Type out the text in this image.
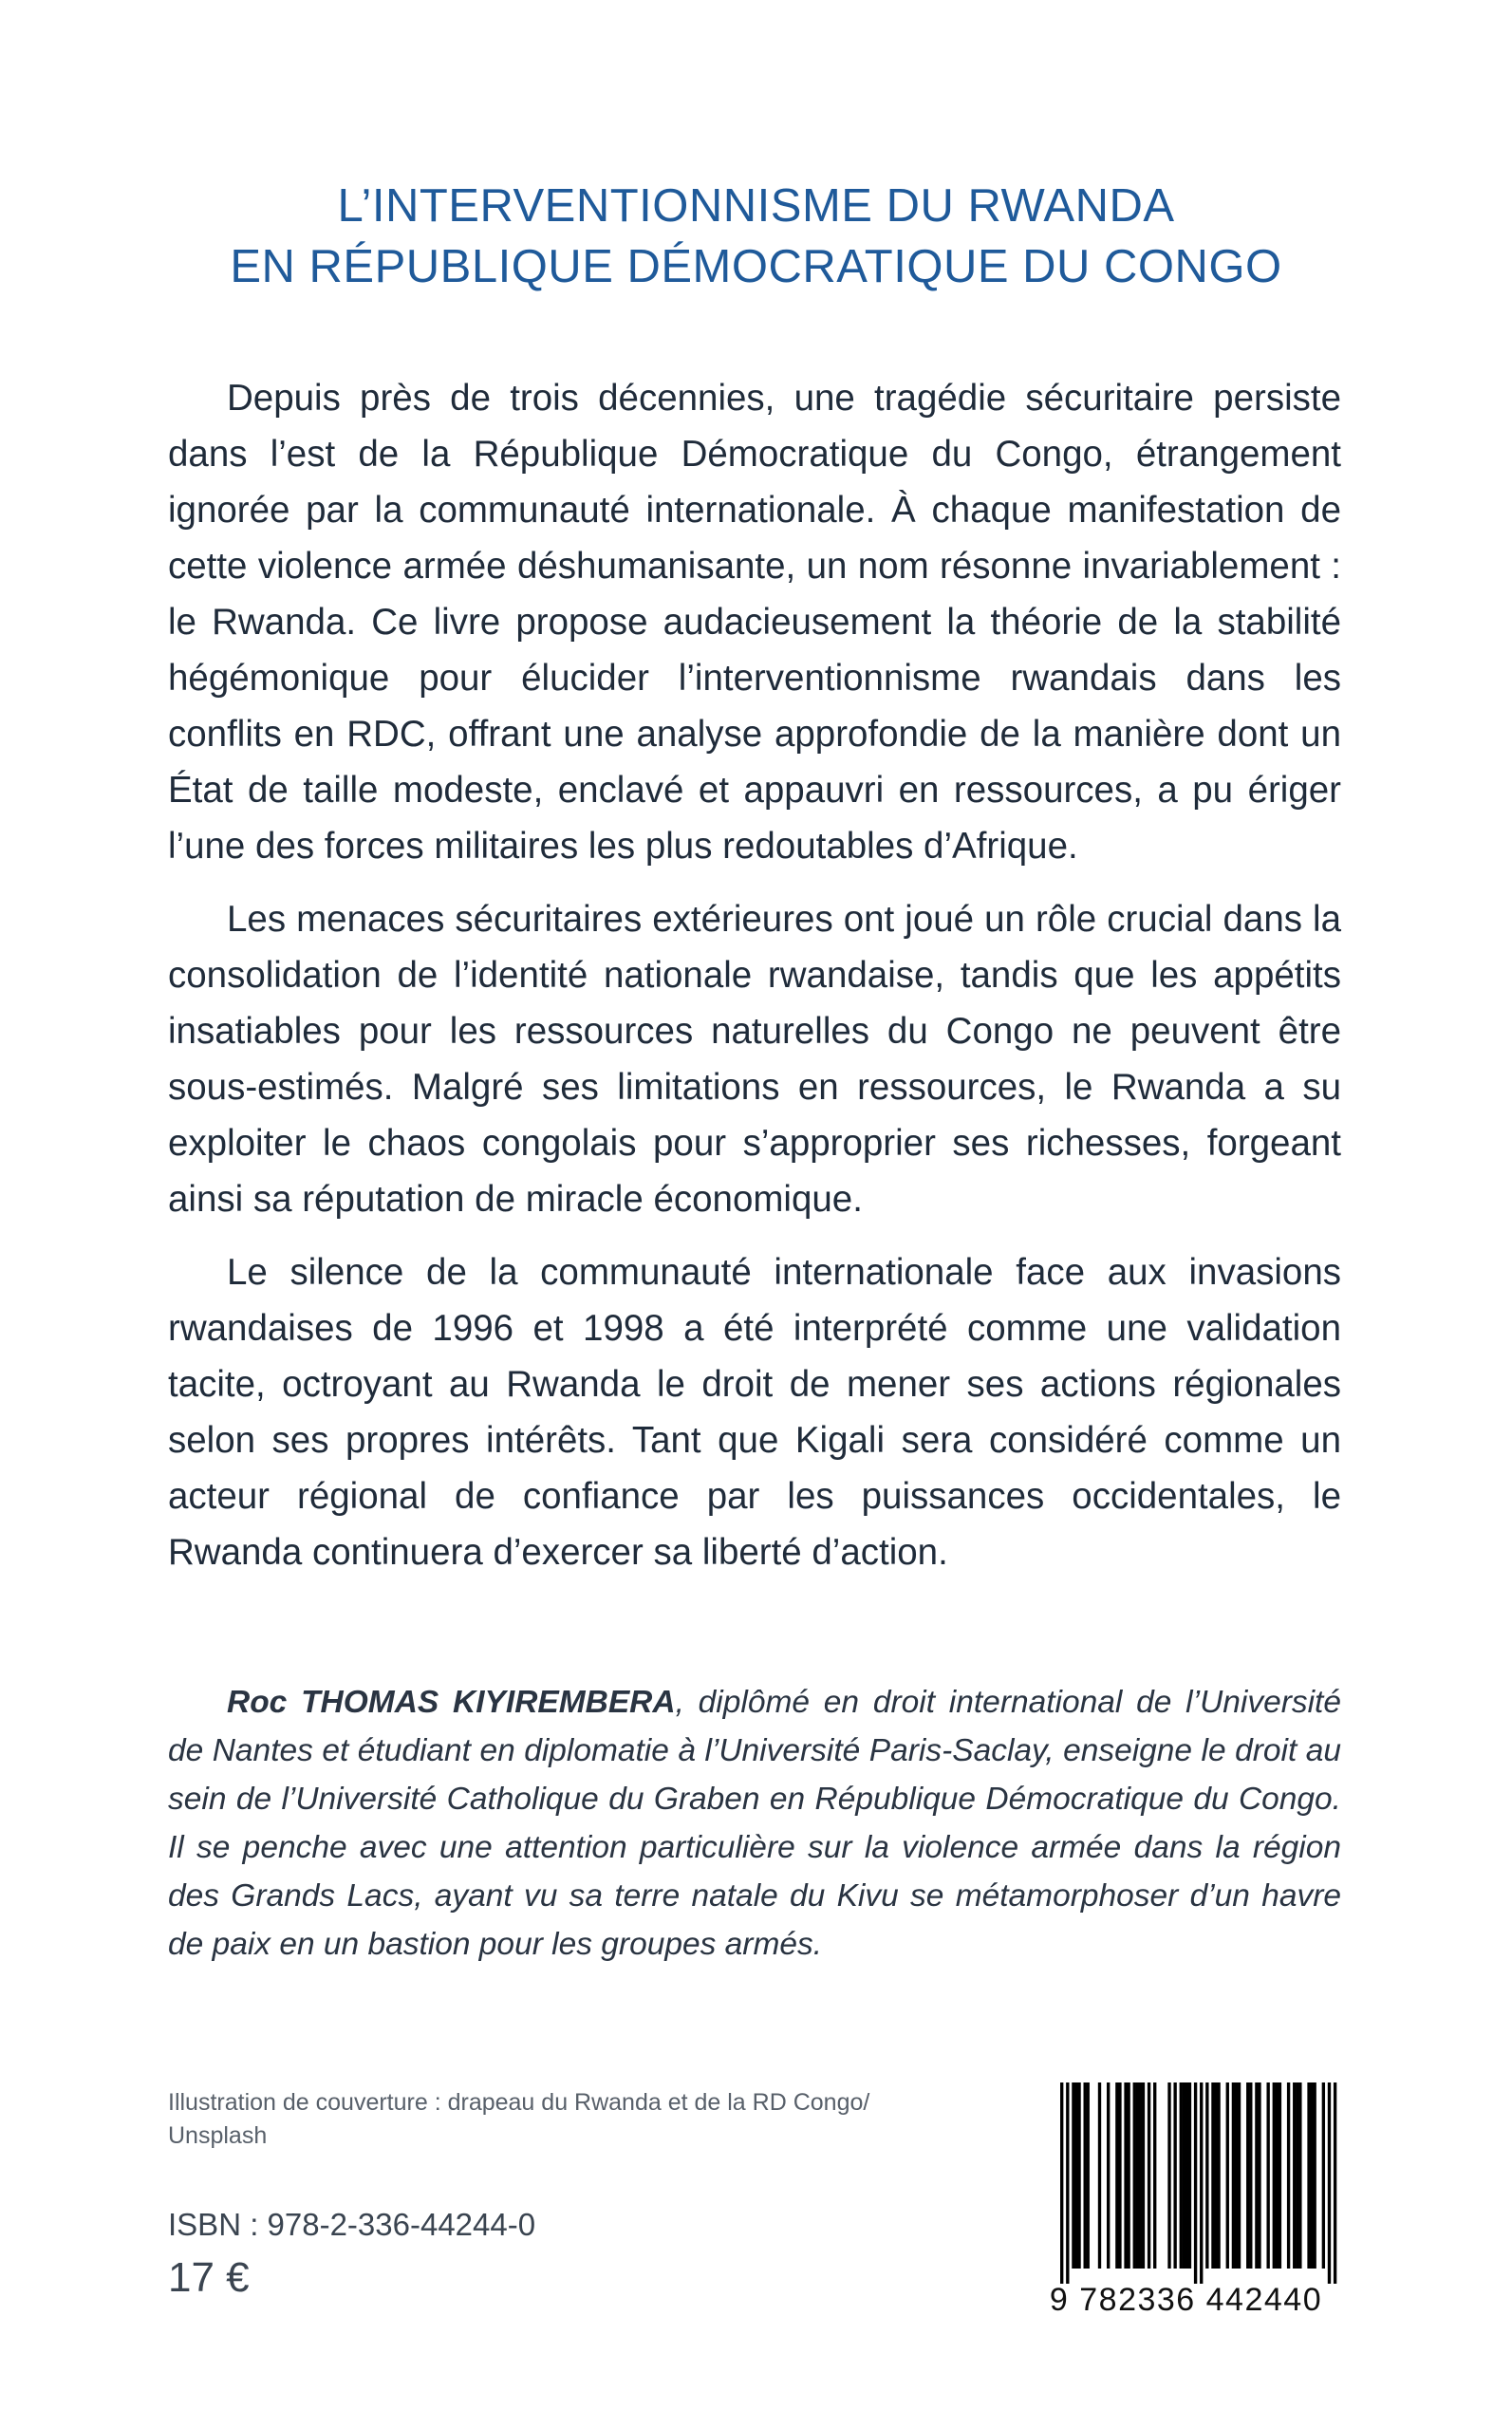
L’INTERVENTIONNISME DU RWANDA
EN RÉPUBLIQUE DÉMOCRATIQUE DU CONGO

Depuis près de trois décennies, une tragédie sécuritaire persiste dans l’est de la République Démocratique du Congo, étrangement ignorée par la communauté internationale. À chaque manifestation de cette violence armée déshumanisante, un nom résonne invariablement : le Rwanda. Ce livre propose audacieusement la théorie de la stabilité hégémonique pour élucider l’interventionnisme rwandais dans les conflits en RDC, offrant une analyse approfondie de la manière dont un État de taille modeste, enclavé et appauvri en ressources, a pu ériger l’une des forces militaires les plus redoutables d’Afrique.

Les menaces sécuritaires extérieures ont joué un rôle crucial dans la consolidation de l’identité nationale rwandaise, tandis que les appétits insatiables pour les ressources naturelles du Congo ne peuvent être sous-estimés. Malgré ses limitations en ressources, le Rwanda a su exploiter le chaos congolais pour s’approprier ses richesses, forgeant ainsi sa réputation de miracle économique.

Le silence de la communauté internationale face aux invasions rwandaises de 1996 et 1998 a été interprété comme une validation tacite, octroyant au Rwanda le droit de mener ses actions régionales selon ses propres intérêts. Tant que Kigali sera considéré comme un acteur régional de confiance par les puissances occidentales, le Rwanda continuera d’exercer sa liberté d’action.

Roc THOMAS KIYIREMBERA, diplômé en droit international de l’Université de Nantes et étudiant en diplomatie à l’Université Paris-Saclay, enseigne le droit au sein de l’Université Catholique du Graben en République Démocratique du Congo. Il se penche avec une attention particulière sur la violence armée dans la région des Grands Lacs, ayant vu sa terre natale du Kivu se métamorphoser d’un havre de paix en un bastion pour les groupes armés.
Illustration de couverture : drapeau du Rwanda et de la RD Congo/
Unsplash
ISBN : 978-2-336-44244-0
17 €	9 782336 442440
